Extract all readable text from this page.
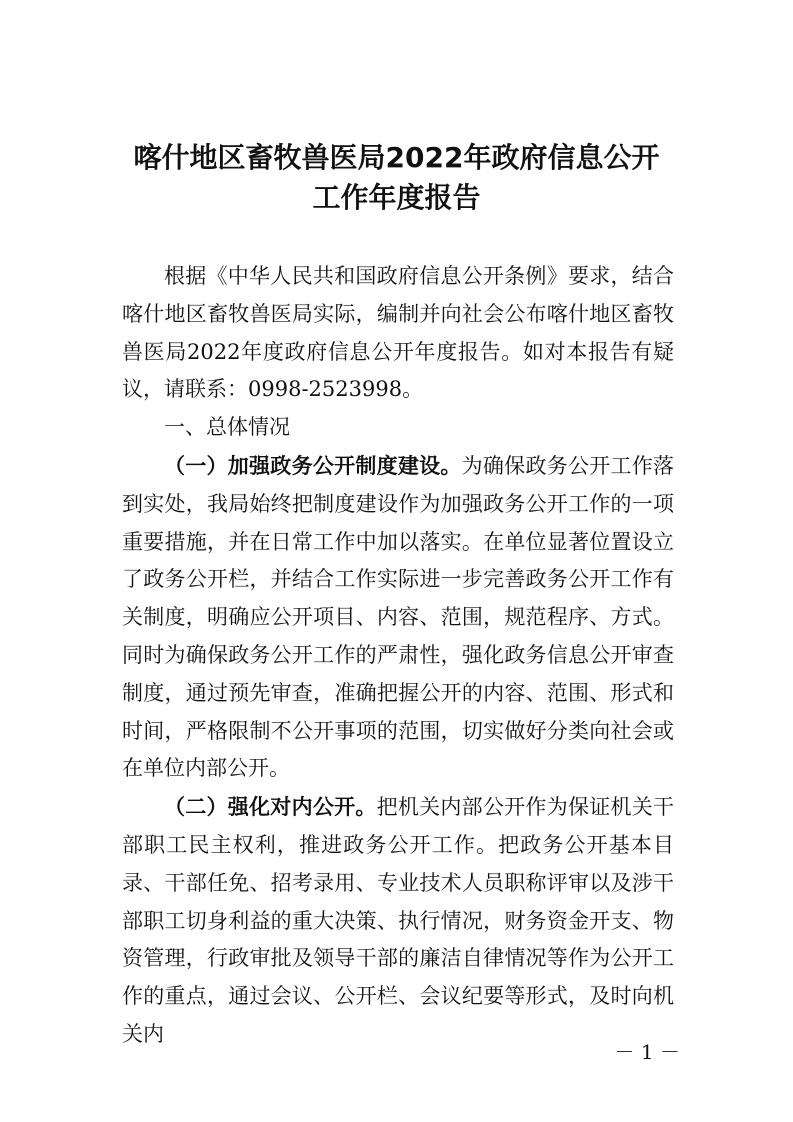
喀什地区畜牧兽医局2022年政府信息公开
工作年度报告

根据《中华人民共和国政府信息公开条例》要求，结合喀什地区畜牧兽医局实际，编制并向社会公布喀什地区畜牧兽医局2022年度政府信息公开年度报告。如对本报告有疑议，请联系：0998-2523998。

一、总体情况

（一）加强政务公开制度建设。为确保政务公开工作落到实处，我局始终把制度建设作为加强政务公开工作的一项重要措施，并在日常工作中加以落实。在单位显著位置设立了政务公开栏，并结合工作实际进一步完善政务公开工作有关制度，明确应公开项目、内容、范围，规范程序、方式。同时为确保政务公开工作的严肃性，强化政务信息公开审查制度，通过预先审查，准确把握公开的内容、范围、形式和时间，严格限制不公开事项的范围，切实做好分类向社会或在单位内部公开。

（二）强化对内公开。把机关内部公开作为保证机关干部职工民主权利，推进政务公开工作。把政务公开基本目录、干部任免、招考录用、专业技术人员职称评审以及涉干部职工切身利益的重大决策、执行情况，财务资金开支、物资管理，行政审批及领导干部的廉洁自律情况等作为公开工作的重点，通过会议、公开栏、会议纪要等形式，及时向机关内

－ 1 －
